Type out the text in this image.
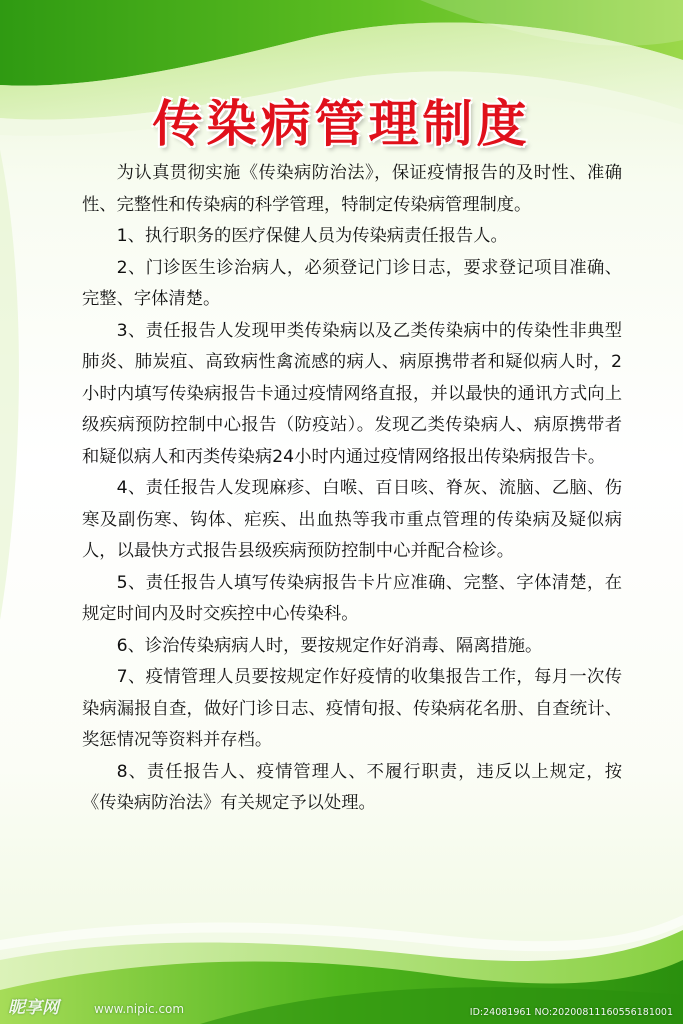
传染病管理制度

为认真贯彻实施《传染病防治法》，保证疫情报告的及时性、准确性、完整性和传染病的科学管理，特制定传染病管理制度。

1、执行职务的医疗保健人员为传染病责任报告人。

2、门诊医生诊治病人，必须登记门诊日志，要求登记项目准确、完整、字体清楚。

3、责任报告人发现甲类传染病以及乙类传染病中的传染性非典型肺炎、肺炭疽、高致病性禽流感的病人、病原携带者和疑似病人时，2小时内填写传染病报告卡通过疫情网络直报，并以最快的通讯方式向上级疾病预防控制中心报告（防疫站）。发现乙类传染病人、病原携带者和疑似病人和丙类传染病24小时内通过疫情网络报出传染病报告卡。

4、责任报告人发现麻疹、白喉、百日咳、脊灰、流脑、乙脑、伤寒及副伤寒、钩体、疟疾、出血热等我市重点管理的传染病及疑似病人，以最快方式报告县级疾病预防控制中心并配合检诊。

5、责任报告人填写传染病报告卡片应准确、完整、字体清楚，在规定时间内及时交疾控中心传染科。

6、诊治传染病病人时，要按规定作好消毒、隔离措施。

7、疫情管理人员要按规定作好疫情的收集报告工作，每月一次传染病漏报自查，做好门诊日志、疫情旬报、传染病花名册、自查统计、奖惩情况等资料并存档。

8、责任报告人、疫情管理人、不履行职责，违反以上规定，按《传染病防治法》有关规定予以处理。

昵享网	www.nipic.com	ID:24081961 NO:20200811160556181001
